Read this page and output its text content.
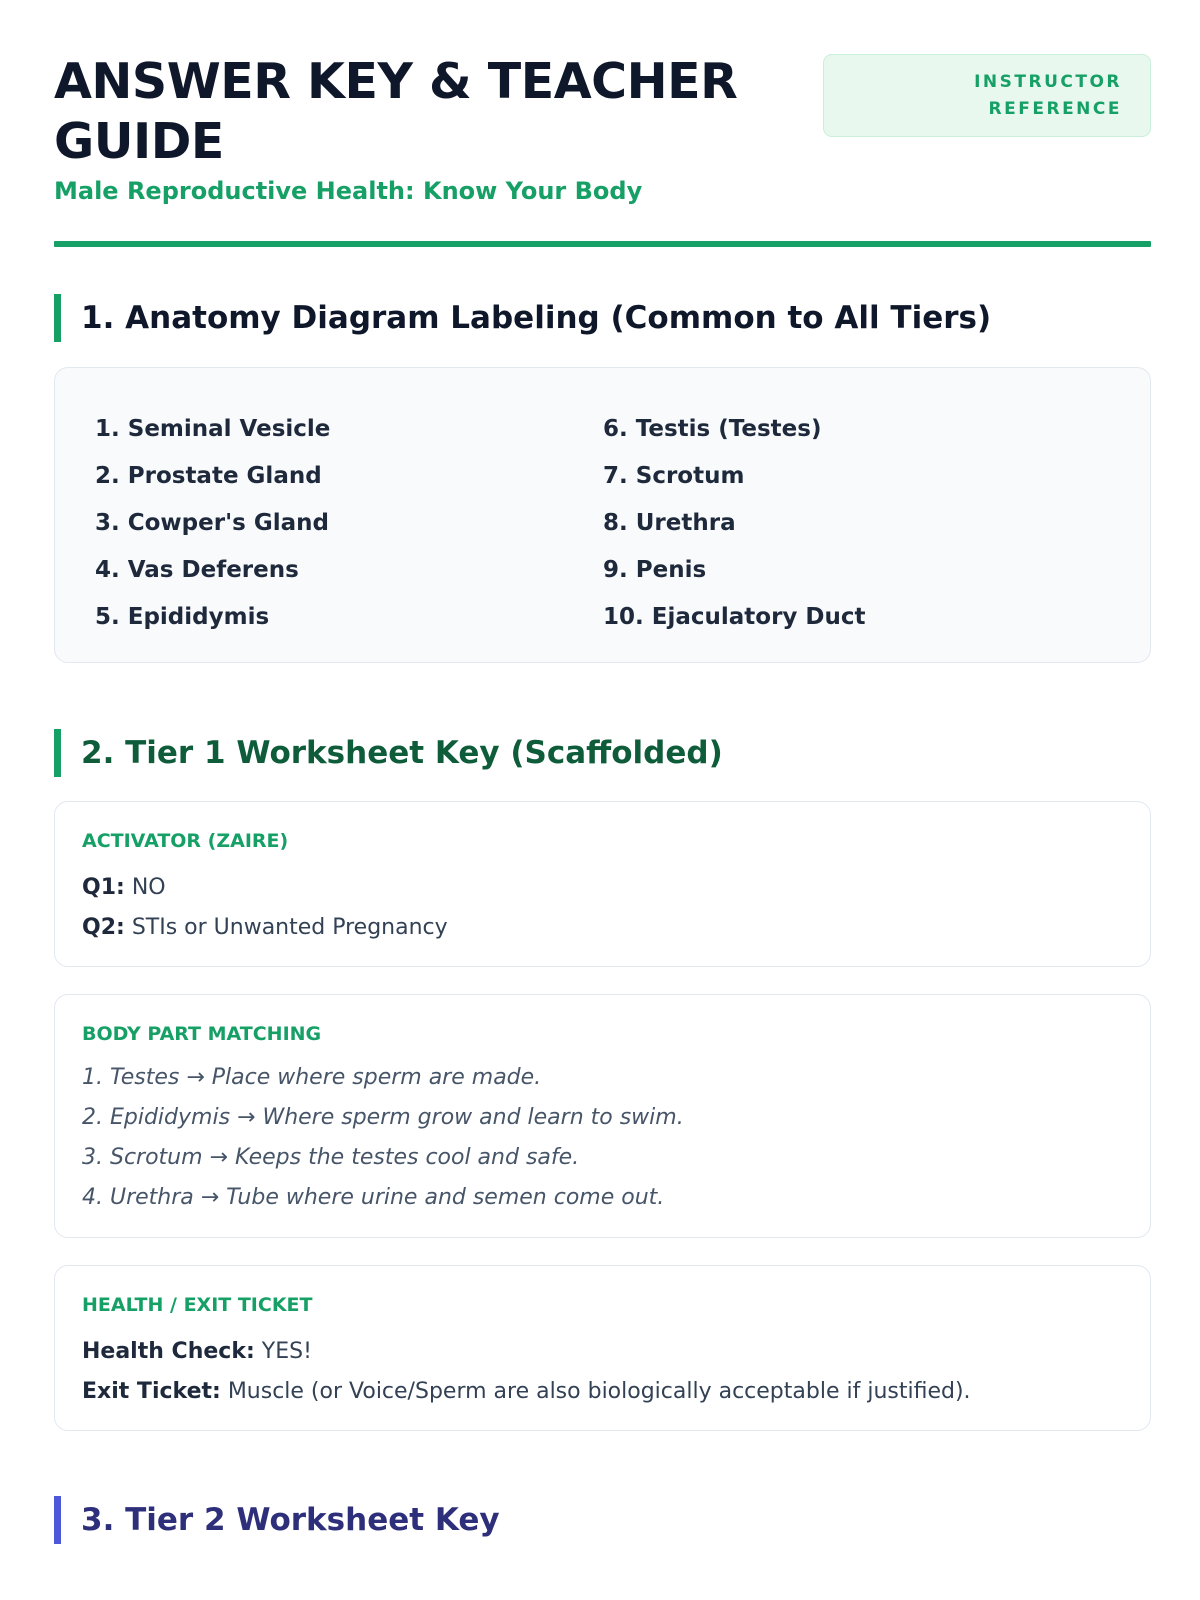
ANSWER KEY & TEACHER GUIDE
Male Reproductive Health: Know Your Body
INSTRUCTOR
REFERENCE
1. Anatomy Diagram Labeling (Common to All Tiers)
1. Seminal Vesicle
2. Prostate Gland
3. Cowper's Gland
4. Vas Deferens
5. Epididymis
6. Testis (Testes)
7. Scrotum
8. Urethra
9. Penis
10. Ejaculatory Duct
2. Tier 1 Worksheet Key (Scaffolded)
ACTIVATOR (ZAIRE)
Q1: NO
Q2: STIs or Unwanted Pregnancy
BODY PART MATCHING
1. Testes → Place where sperm are made.
2. Epididymis → Where sperm grow and learn to swim.
3. Scrotum → Keeps the testes cool and safe.
4. Urethra → Tube where urine and semen come out.
HEALTH / EXIT TICKET
Health Check: YES!
Exit Ticket: Muscle (or Voice/Sperm are also biologically acceptable if justified).
3. Tier 2 Worksheet Key
